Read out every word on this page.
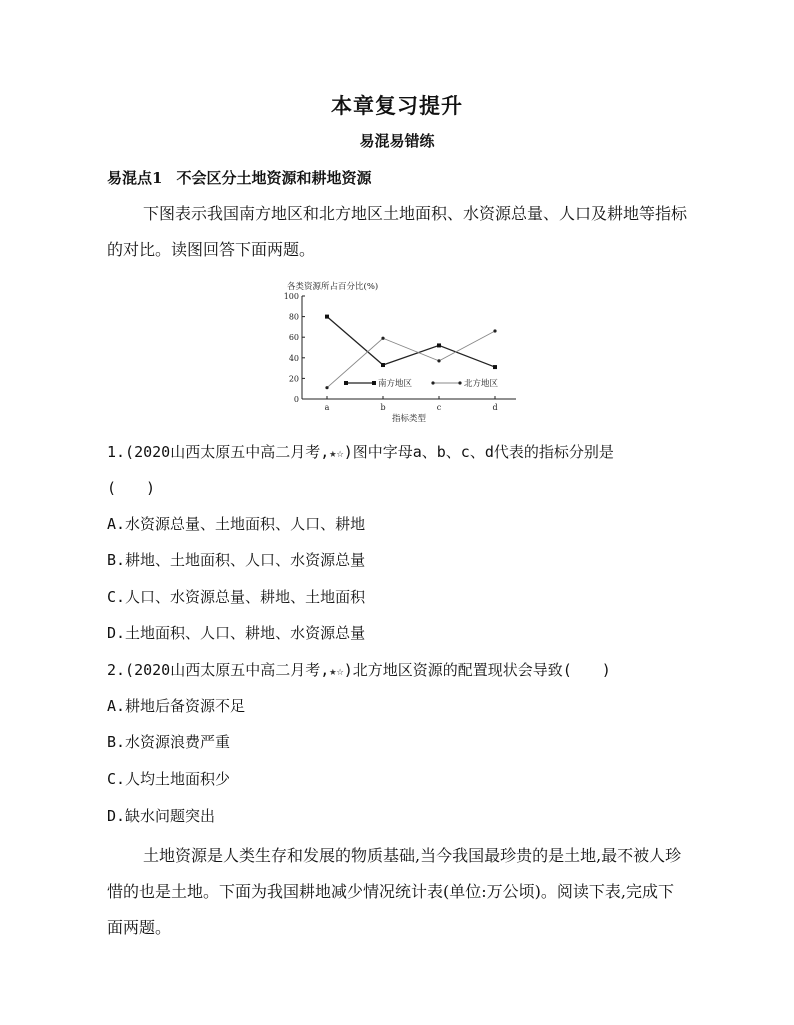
本章复习提升
易混易错练
易混点1 不会区分土地资源和耕地资源

下图表示我国南方地区和北方地区土地面积、水资源总量、人口及耕地等指标的对比。读图回答下面两题。

各类资源所占百分比(%)
0
20
40
60
80
100
a	b	c	d
指标类型
南方地区	北方地区
1.(2020山西太原五中高二月考,★☆)图中字母a、b、c、d代表的指标分别是
(　　)
A.水资源总量、土地面积、人口、耕地
B.耕地、土地面积、人口、水资源总量
C.人口、水资源总量、耕地、土地面积
D.土地面积、人口、耕地、水资源总量
2.(2020山西太原五中高二月考,★☆)北方地区资源的配置现状会导致(　　)
A.耕地后备资源不足
B.水资源浪费严重
C.人均土地面积少
D.缺水问题突出

土地资源是人类生存和发展的物质基础,当今我国最珍贵的是土地,最不被人珍惜的也是土地。下面为我国耕地减少情况统计表(单位:万公顷)。阅读下表,完成下面两题。
